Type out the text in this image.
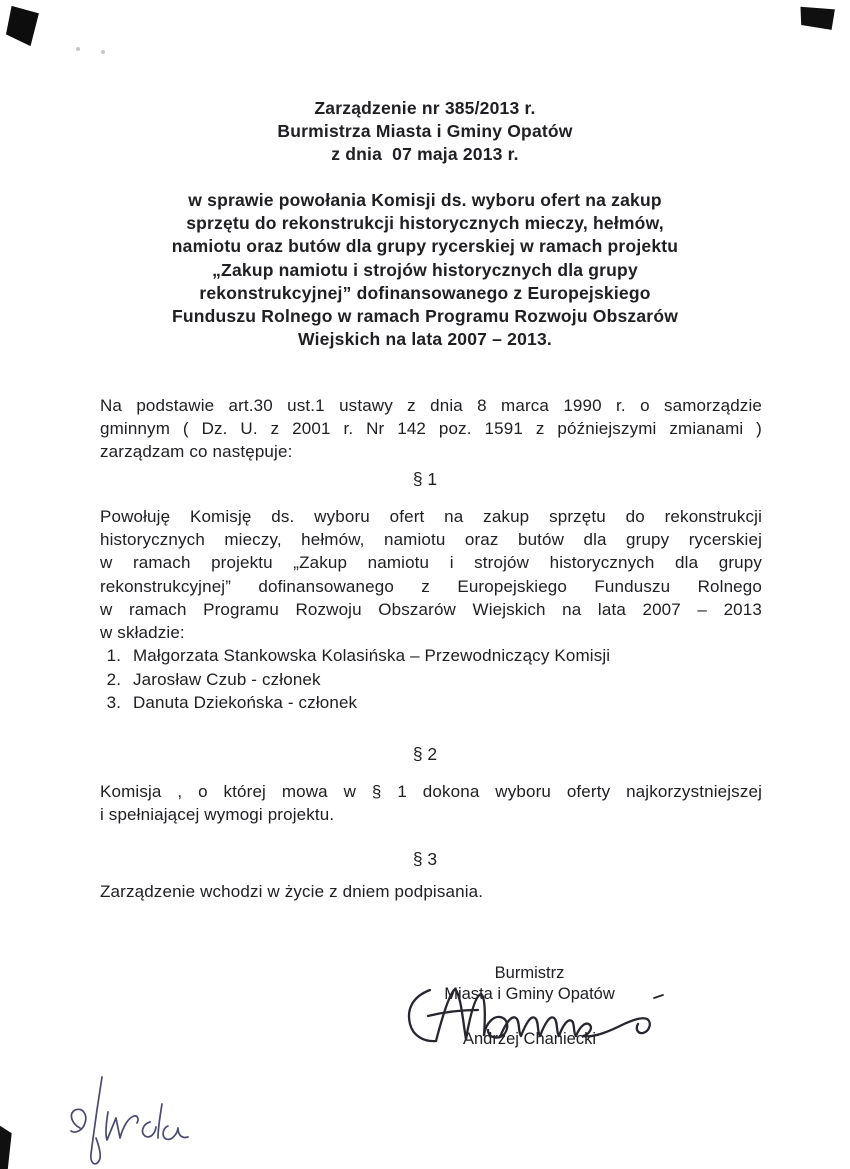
Zarządzenie nr 385/2013 r.
Burmistrza Miasta i Gminy Opatów
z dnia  07 maja 2013 r.
w sprawie powołania Komisji ds. wyboru ofert na zakup
sprzętu do rekonstrukcji historycznych mieczy, hełmów,
namiotu oraz butów dla grupy rycerskiej w ramach projektu
„Zakup namiotu i strojów historycznych dla grupy
rekonstrukcyjnej” dofinansowanego z Europejskiego
Funduszu Rolnego w ramach Programu Rozwoju Obszarów
Wiejskich na lata 2007 – 2013.
Na podstawie art.30 ust.1 ustawy z dnia 8 marca 1990 r. o samorządzie
gminnym ( Dz. U. z 2001 r. Nr 142 poz. 1591 z późniejszymi zmianami )
zarządzam co następuje:
§ 1
Powołuję Komisję ds. wyboru ofert na zakup sprzętu do rekonstrukcji
historycznych mieczy, hełmów, namiotu oraz butów dla grupy rycerskiej
w ramach projektu „Zakup namiotu i strojów historycznych dla grupy
rekonstrukcyjnej” dofinansowanego z Europejskiego Funduszu Rolnego
w ramach Programu Rozwoju Obszarów Wiejskich na lata 2007 – 2013
w składzie:
1. Małgorzata Stankowska Kolasińska – Przewodniczący Komisji
2. Jarosław Czub - członek
3. Danuta Dziekońska - członek
§ 2
Komisja , o której mowa w § 1 dokona wyboru oferty najkorzystniejszej
i spełniającej wymogi projektu.
§ 3
Zarządzenie wchodzi w życie z dniem podpisania.
Burmistrz
Miasta i Gminy Opatów
Andrzej Chaniecki
